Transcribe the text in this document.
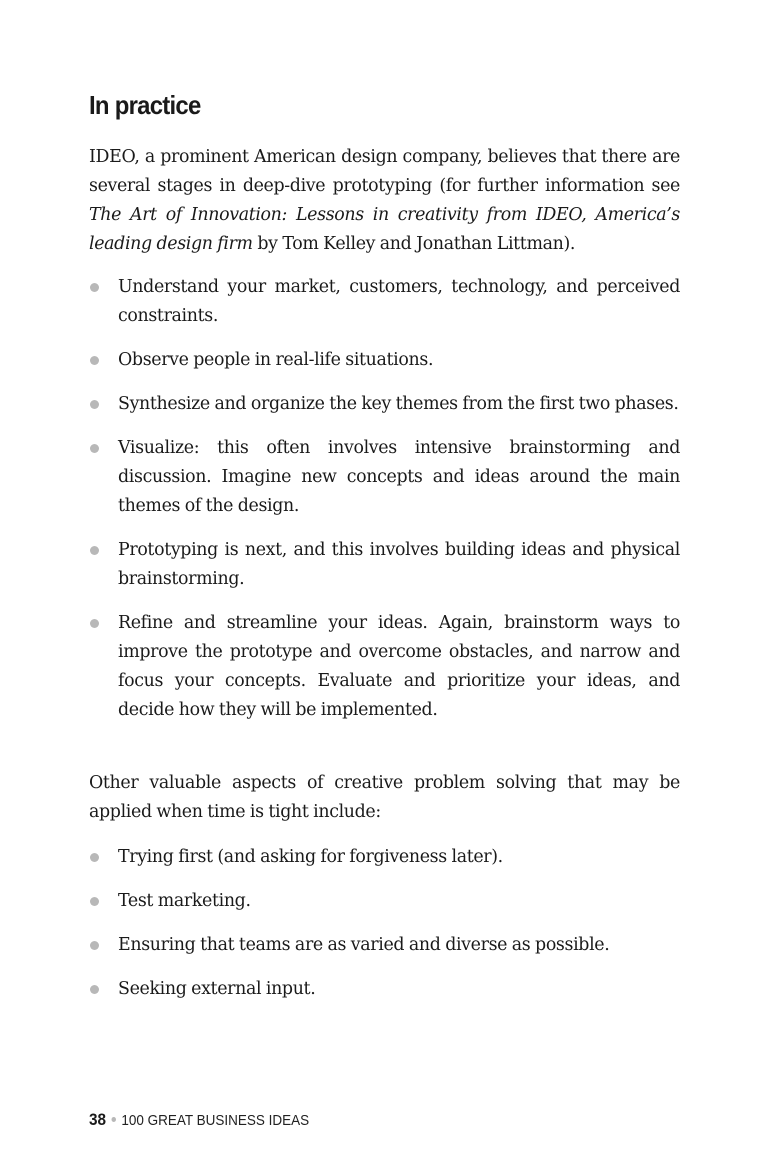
In practice

IDEO, a prominent American design company, believes that there are several stages in deep-dive prototyping (for further information see The Art of Innovation: Lessons in creativity from IDEO, America’s leading design firm by Tom Kelley and Jonathan Littman).

Understand your market, customers, technology, and perceived constraints.
Observe people in real-life situations.
Synthesize and organize the key themes from the first two phases.
Visualize: this often involves intensive brainstorming and discussion. Imagine new concepts and ideas around the main themes of the design.
Prototyping is next, and this involves building ideas and physical brainstorming.
Refine and streamline your ideas. Again, brainstorm ways to improve the prototype and overcome obstacles, and narrow and focus your concepts. Evaluate and prioritize your ideas, and decide how they will be implemented.

Other valuable aspects of creative problem solving that may be applied when time is tight include:

Trying first (and asking for forgiveness later).
Test marketing.
Ensuring that teams are as varied and diverse as possible.
Seeking external input.
38 100 GREAT BUSINESS IDEAS
